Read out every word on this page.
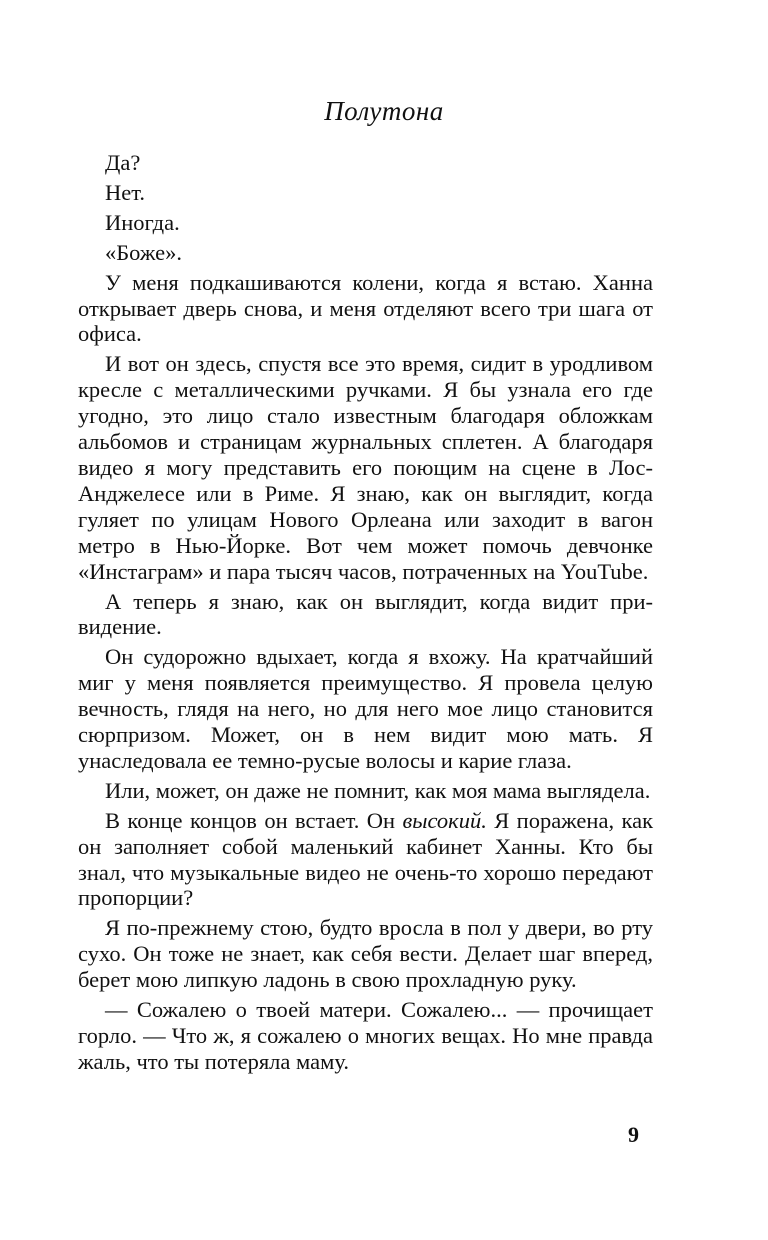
Полутона

Да?

Нет.

Иногда.

«Боже».

У меня подкашиваются колени, когда я встаю. Ханна открывает дверь снова, и меня отделяют всего три шага от офиса.

И вот он здесь, спустя все это время, сидит в уродливом кресле с металлическими ручками. Я бы узнала его где угодно, это лицо стало известным благодаря обложкам альбомов и страницам журнальных сплетен. А благодаря видео я могу представить его поющим на сцене в Лос-Анджелесе или в Риме. Я знаю, как он выглядит, когда гуляет по улицам Нового Орлеана или заходит в вагон метро в Нью-Йорке. Вот чем может помочь девчонке «Инстаграм» и пара тысяч часов, потраченных на YouTube.

А теперь я знаю, как он выглядит, когда видит привидение.

Он судорожно вдыхает, когда я вхожу. На кратчайший миг у меня появляется преимущество. Я провела целую вечность, глядя на него, но для него мое лицо становится сюрпризом. Может, он в нем видит мою мать. Я унаследовала ее темно-русые волосы и карие глаза.

Или, может, он даже не помнит, как моя мама выглядела.

В конце концов он встает. Он высокий. Я поражена, как он заполняет собой маленький кабинет Ханны. Кто бы знал, что музыкальные видео не очень-то хорошо передают пропорции?

Я по-прежнему стою, будто вросла в пол у двери, во рту сухо. Он тоже не знает, как себя вести. Делает шаг вперед, берет мою липкую ладонь в свою прохладную руку.

— Сожалею о твоей матери. Сожалею... — прочищает горло. — Что ж, я сожалею о многих вещах. Но мне правда жаль, что ты потеряла маму.

9
